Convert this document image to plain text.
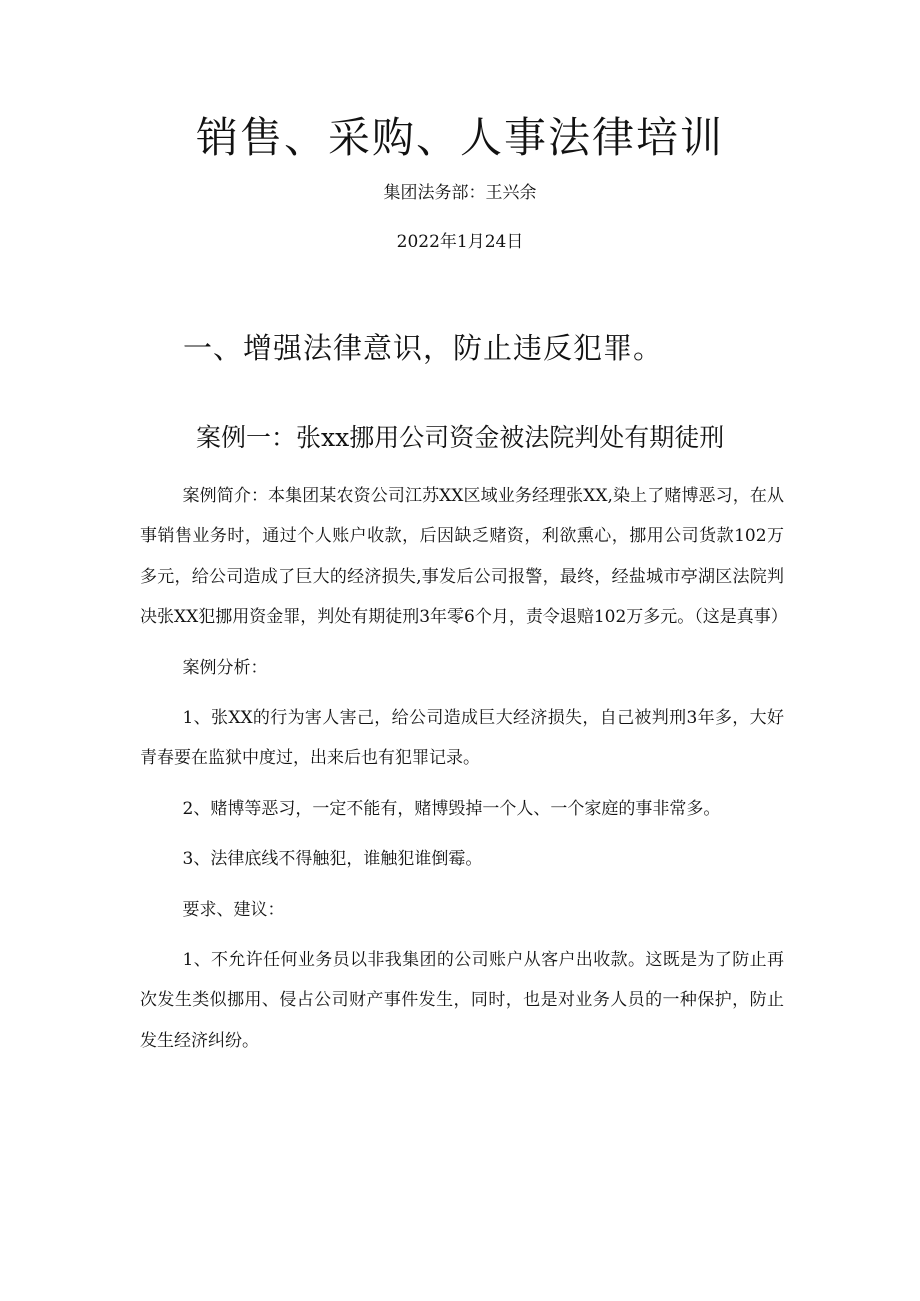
销售、采购、人事法律培训
集团法务部：王兴余
2022年1月24日
一、增强法律意识，防止违反犯罪。
案例一：张xx挪用公司资金被法院判处有期徒刑

案例简介：本集团某农资公司江苏XX区域业务经理张XX,染上了赌博恶习，在从事销售业务时，通过个人账户收款，后因缺乏赌资，利欲熏心，挪用公司货款102万多元，给公司造成了巨大的经济损失,事发后公司报警，最终，经盐城市亭湖区法院判决张XX犯挪用资金罪，判处有期徒刑3年零6个月，责令退赔102万多元。（这是真事）

案例分析：

1、张XX的行为害人害己，给公司造成巨大经济损失，自己被判刑3年多，大好青春要在监狱中度过，出来后也有犯罪记录。

2、赌博等恶习，一定不能有，赌博毁掉一个人、一个家庭的事非常多。

3、法律底线不得触犯，谁触犯谁倒霉。

要求、建议：

1、不允许任何业务员以非我集团的公司账户从客户出收款。这既是为了防止再次发生类似挪用、侵占公司财产事件发生，同时，也是对业务人员的一种保护，防止发生经济纠纷。
